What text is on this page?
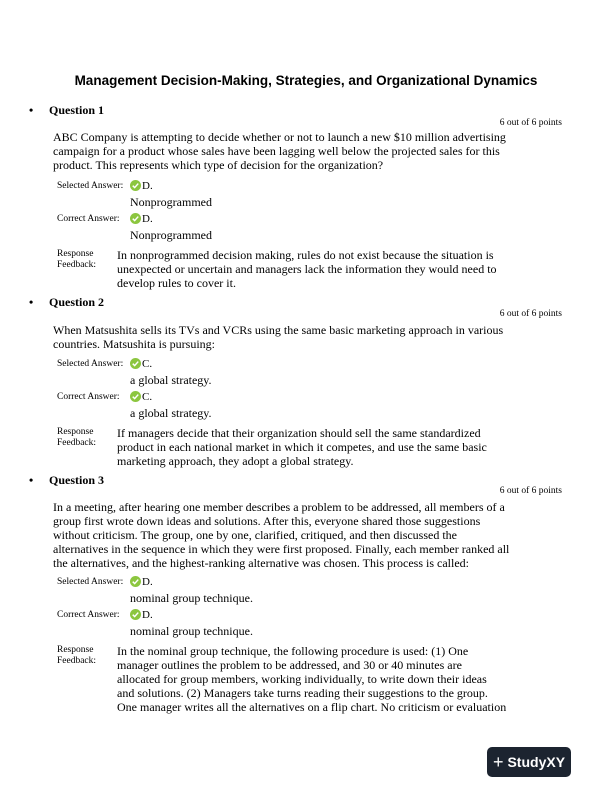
Management Decision-Making, Strategies, and Organizational Dynamics
• Question 1
6 out of 6 points
ABC Company is attempting to decide whether or not to launch a new $10 million advertising campaign for a product whose sales have been lagging well below the projected sales for this product. This represents which type of decision for the organization?
Selected Answer:	D.
Nonprogrammed
Correct Answer:	D.
Nonprogrammed
Response
Feedback:
In nonprogrammed decision making, rules do not exist because the situation is unexpected or uncertain and managers lack the information they would need to develop rules to cover it.
• Question 2
6 out of 6 points
When Matsushita sells its TVs and VCRs using the same basic marketing approach in various countries. Matsushita is pursuing:
Selected Answer:	C.
a global strategy.
Correct Answer:	C.
a global strategy.
Response
Feedback:
If managers decide that their organization should sell the same standardized product in each national market in which it competes, and use the same basic marketing approach, they adopt a global strategy.
• Question 3
6 out of 6 points
In a meeting, after hearing one member describes a problem to be addressed, all members of a group first wrote down ideas and solutions. After this, everyone shared those suggestions without criticism. The group, one by one, clarified, critiqued, and then discussed the alternatives in the sequence in which they were first proposed. Finally, each member ranked all the alternatives, and the highest-ranking alternative was chosen. This process is called:
Selected Answer:	D.
nominal group technique.
Correct Answer:	D.
nominal group technique.
Response
Feedback:
In the nominal group technique, the following procedure is used: (1) One manager outlines the problem to be addressed, and 30 or 40 minutes are allocated for group members, working individually, to write down their ideas and solutions. (2) Managers take turns reading their suggestions to the group. One manager writes all the alternatives on a flip chart. No criticism or evaluation
+ StudyXY
